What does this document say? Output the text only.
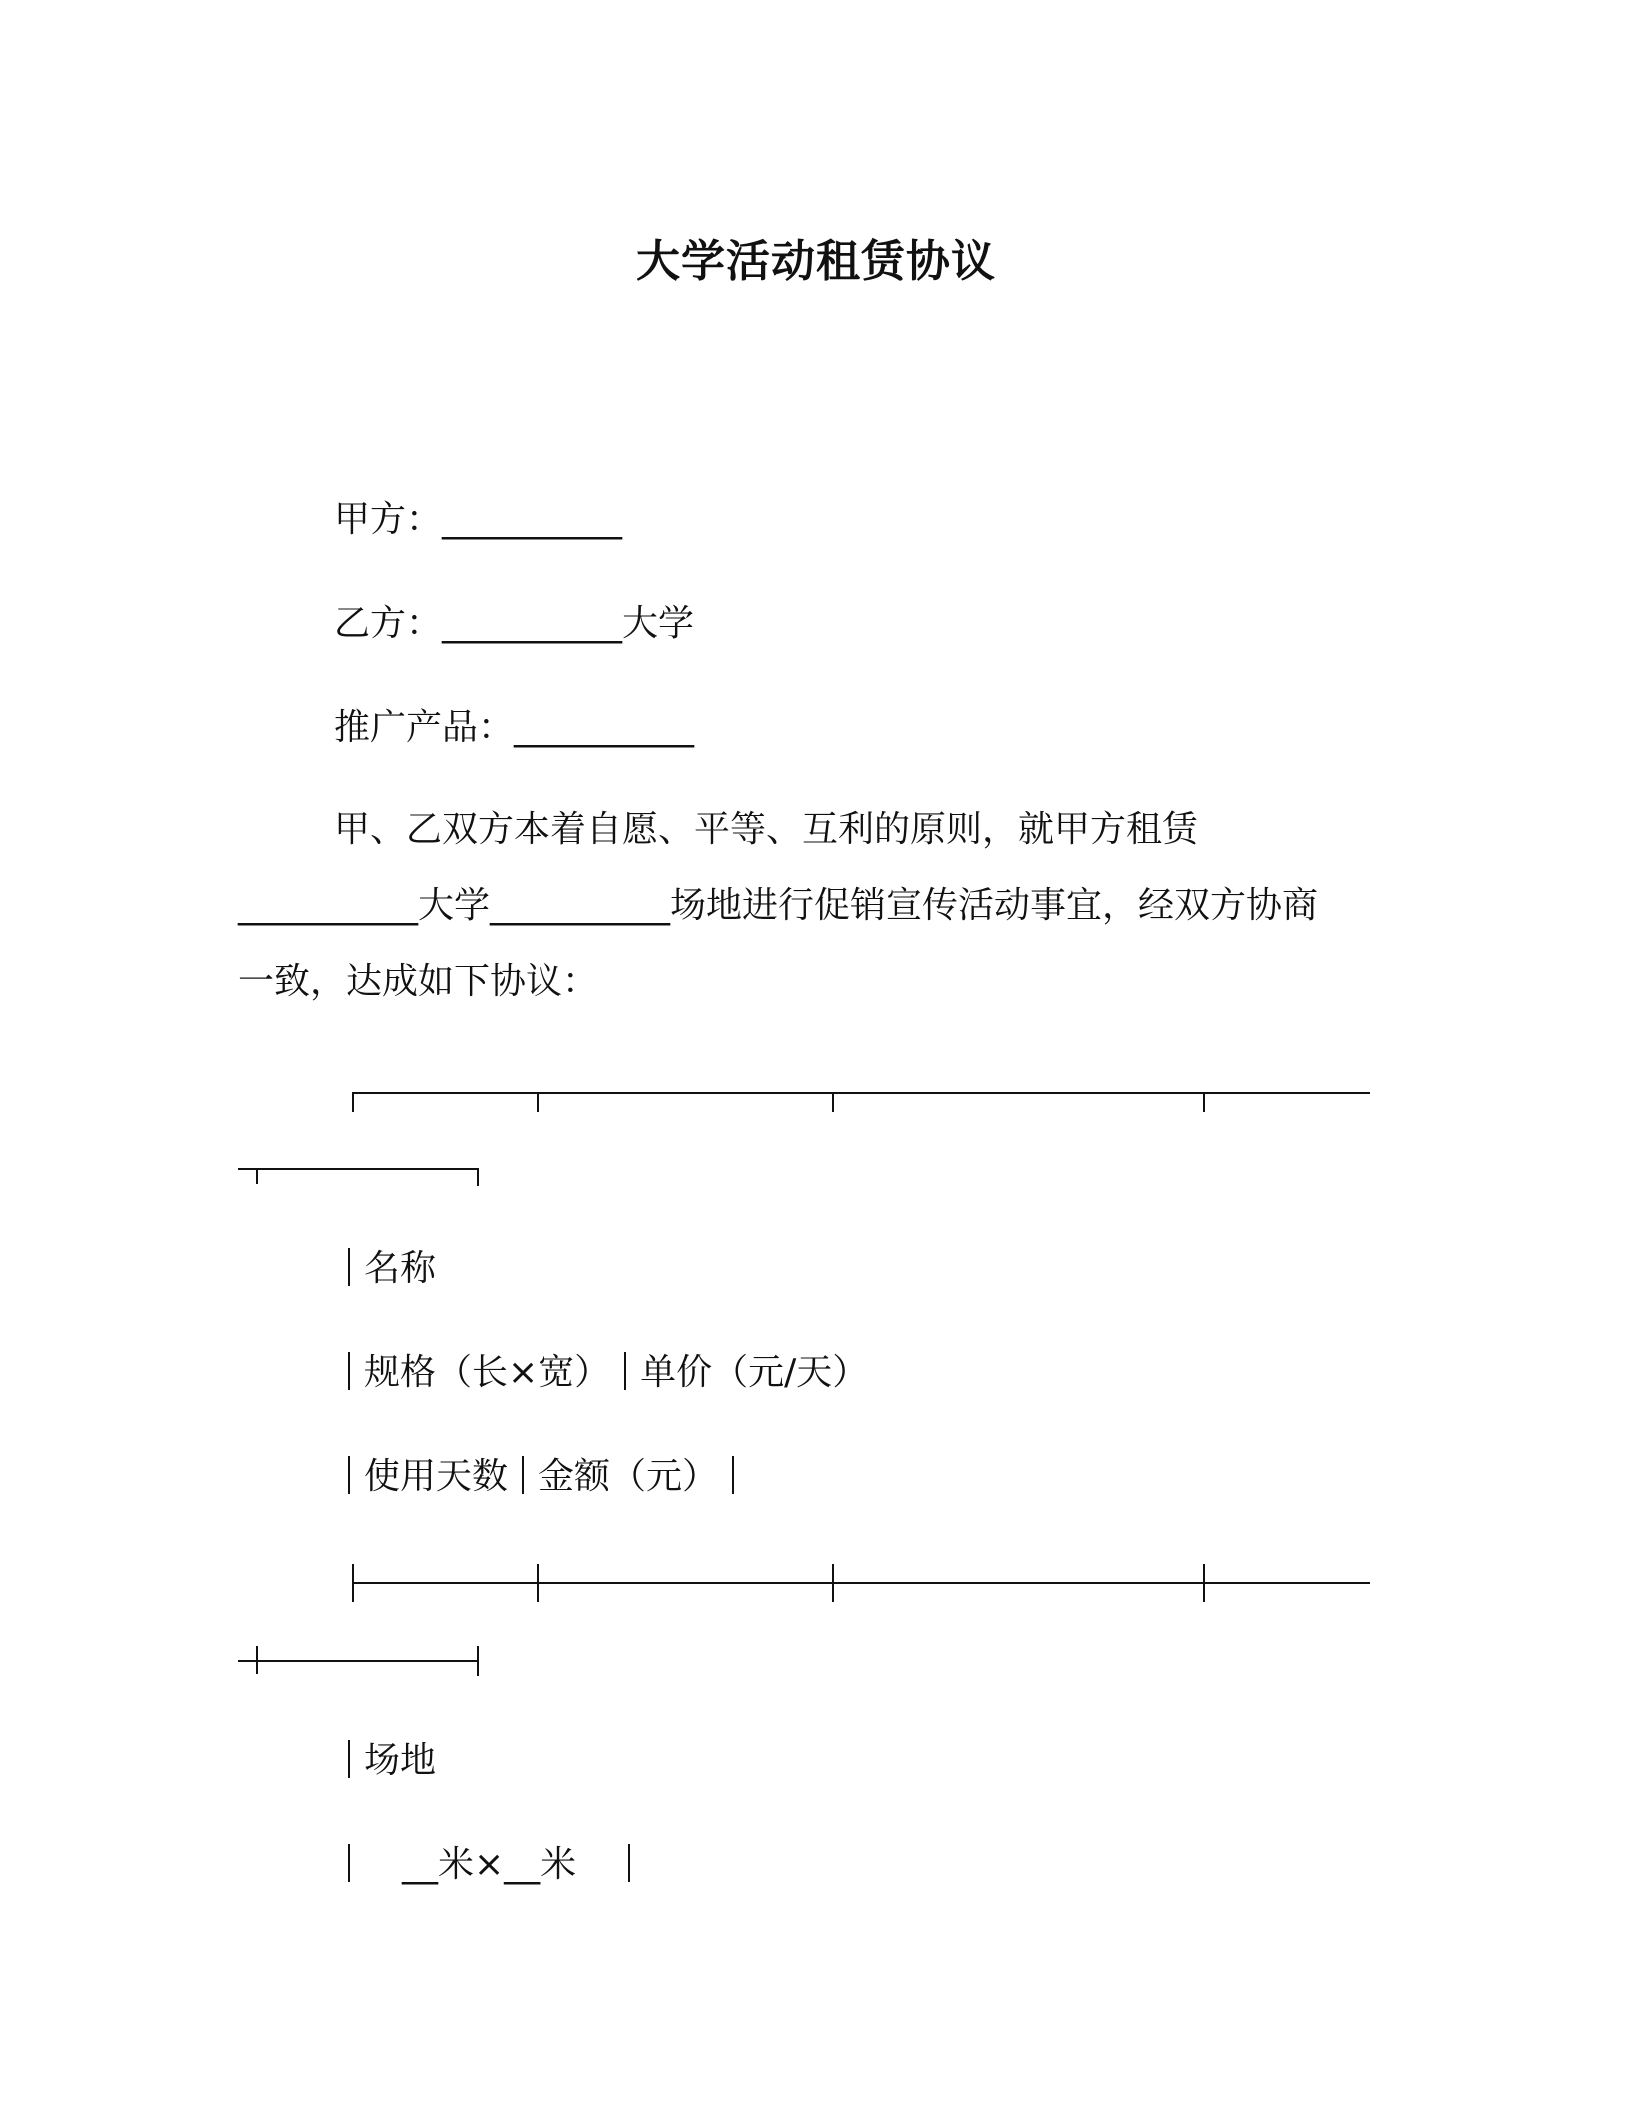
大学活动租赁协议
甲方：__________
乙方：__________大学
推广产品：__________
甲、乙双方本着自愿、平等、互利的原则，就甲方租赁
__________大学__________场地进行促销宣传活动事宜，经双方协商
一致，达成如下协议：
名称
规格（长×宽） 单价（元/天）
使用天数 金额（元）
场地
__米×__米
